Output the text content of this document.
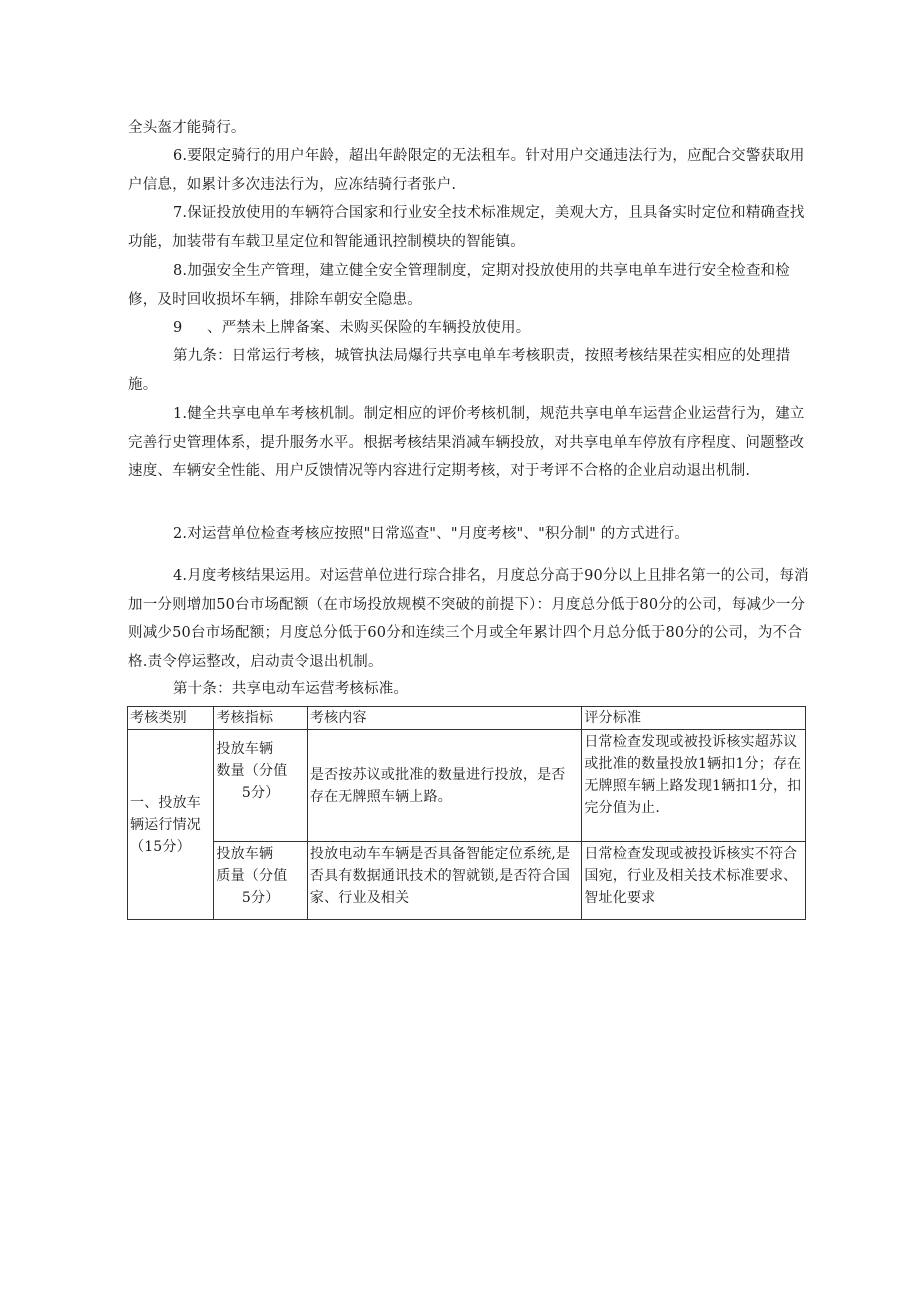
全头盔才能骑行。

6.要限定骑行的用户年龄，超出年龄限定的无法租车。针对用户交通违法行为，应配合交警获取用户信息，如累计多次违法行为，应冻结骑行者张户.

7.保证投放使用的车辆符合国家和行业安全技术标准规定，美观大方，且具备实时定位和精确查找功能，加装带有车载卫星定位和智能通讯控制模块的智能镇。

8.加强安全生产管理，建立健全安全管理制度，定期对投放使用的共享电单车进行安全检查和检修，及时回收损坏车辆，排除车朝安全隐患。

9 、严禁未上牌备案、未购买保险的车辆投放使用。

第九条：日常运行考核，城管执法局爆行共享电单车考核职责，按照考核结果茬实相应的处理措施。

1.健全共享电单车考核机制。制定相应的评价考核机制，规范共享电单车运营企业运营行为，建立完善行史管理体系，提升服务水平。根据考核结果消减车辆投放，对共享电单车停放有序程度、问题整改速度、车辆安全性能、用户反馈情况等内容进行定期考核，对于考评不合格的企业启动退出机制.

2.对运营单位检查考核应按照"日常巡查"、"月度考核"、"积分制" 的方式进行。

4.月度考核结果运用。对运营单位进行琮合排名，月度总分高于90分以上且排名第一的公司，每消加一分则增加50台市场配额（在市场投放规模不突破的前提下）：月度总分低于80分的公司，每减少一分则减少50台市场配额；月度总分低于60分和连续三个月或全年累计四个月总分低于80分的公司，为不合格.责令停运整改，启动责令退出机制。

第十条：共享电动车运营考核标准。

考核类别	考核指标	考核内容	评分标准
一、投放车辆运行情况（15分）	投放车辆
数量（分值
5分）	是否按苏议或批准的数量进行投放，是否存在无牌照车辆上路。	日常检查发现或被投诉核实超苏议或批准的数量投放1辆扣1分；存在无牌照车辆上路发现1辆扣1分，扣完分值为止.

	投放车辆
质量（分值
5分）	投放电动车车辆是否具备智能定位系统,是否具有数据通讯技术的智就锁,是否符合国家、行业及相关	日常检查发现或被投诉核实不符合国宛，行业及相关技术标准要求、智址化要求
